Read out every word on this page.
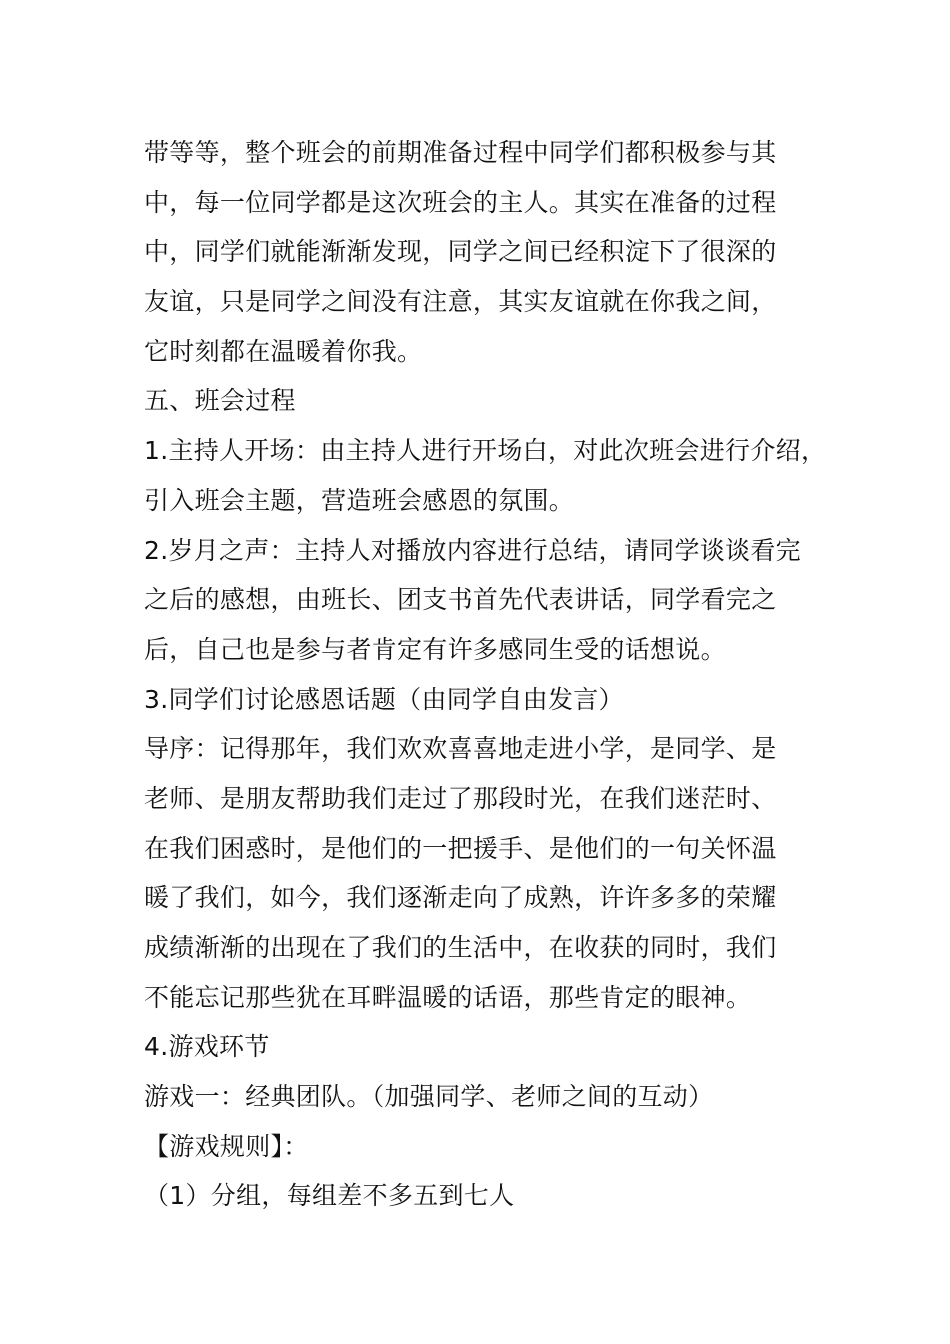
带等等，整个班会的前期准备过程中同学们都积极参与其
中，每一位同学都是这次班会的主人。其实在准备的过程
中，同学们就能渐渐发现，同学之间已经积淀下了很深的
友谊，只是同学之间没有注意，其实友谊就在你我之间，
它时刻都在温暖着你我。
五、班会过程
1.主持人开场：由主持人进行开场白，对此次班会进行介绍，
引入班会主题，营造班会感恩的氛围。
2.岁月之声：主持人对播放内容进行总结，请同学谈谈看完
之后的感想，由班长、团支书首先代表讲话，同学看完之
后，自己也是参与者肯定有许多感同生受的话想说。
3.同学们讨论感恩话题（由同学自由发言）
导序：记得那年，我们欢欢喜喜地走进小学，是同学、是
老师、是朋友帮助我们走过了那段时光，在我们迷茫时、
在我们困惑时，是他们的一把援手、是他们的一句关怀温
暖了我们，如今，我们逐渐走向了成熟，许许多多的荣耀
成绩渐渐的出现在了我们的生活中，在收获的同时，我们
不能忘记那些犹在耳畔温暖的话语，那些肯定的眼神。
4.游戏环节
游戏一：经典团队。（加强同学、老师之间的互动）
【游戏规则】：
（1）分组，每组差不多五到七人
